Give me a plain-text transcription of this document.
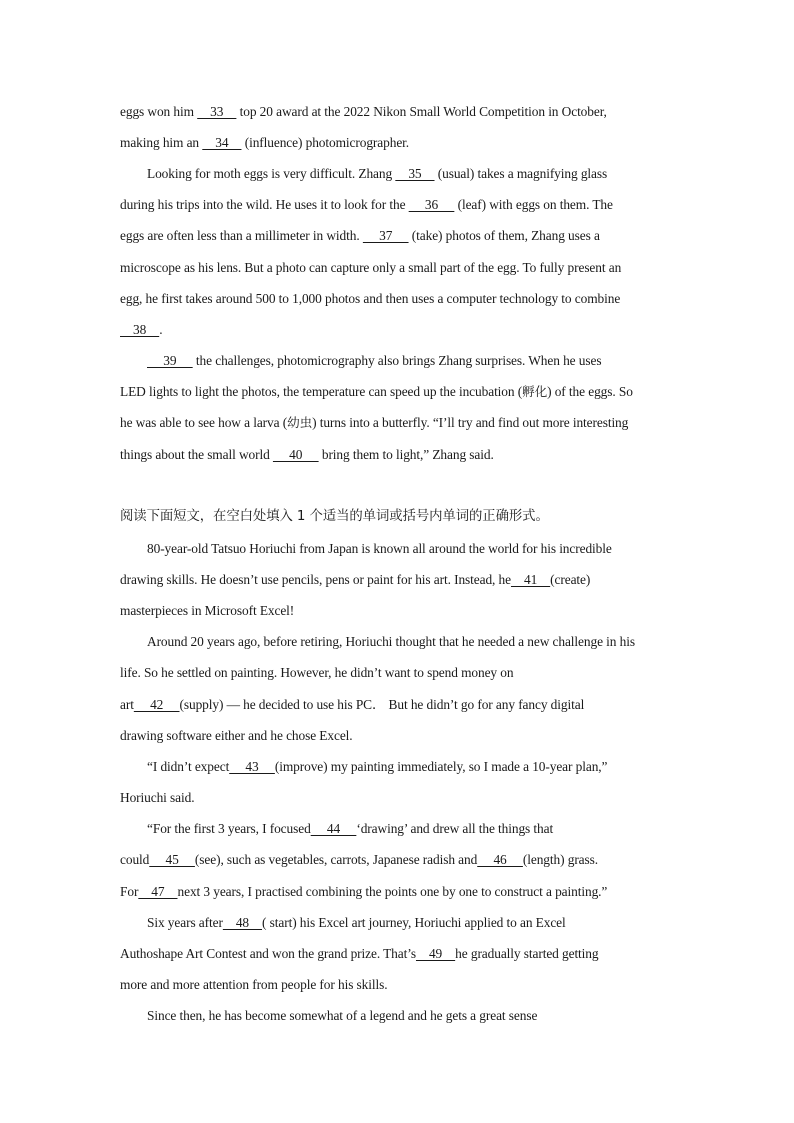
eggs won him     33     top 20 award at the 2022 Nikon Small World Competition in October,
making him an     34     (influence) photomicrographer.
Looking for moth eggs is very difficult. Zhang     35     (usual) takes a magnifying glass
during his trips into the wild. He uses it to look for the      36      (leaf) with eggs on them. The
eggs are often less than a millimeter in width.      37      (take) photos of them, Zhang uses a
microscope as his lens. But a photo can capture only a small part of the egg. To fully present an
egg, he first takes around 500 to 1,000 photos and then uses a computer technology to combine
38    .
39      the challenges, photomicrography also brings Zhang surprises. When he uses
LED lights to light the photos, the temperature can speed up the incubation (孵化) of the eggs. So
he was able to see how a larva (幼虫) turns into a butterfly. “I’ll try and find out more interesting
things about the small world      40      bring them to light,” Zhang said.
阅读下面短文，在空白处填入 1 个适当的单词或括号内单词的正确形式。
80-year-old Tatsuo Horiuchi from Japan is known all around the world for his incredible
drawing skills. He doesn’t use pencils, pens or paint for his art. Instead, he    41    (create)
masterpieces in Microsoft Excel!
Around 20 years ago, before retiring, Horiuchi thought that he needed a new challenge in his
life. So he settled on painting. However, he didn’t want to spend money on
art     42     (supply) — he decided to use his PC． But he didn’t go for any fancy digital
drawing software either and he chose Excel.
“I didn’t expect     43     (improve) my painting immediately, so I made a 10-year plan,”
Horiuchi said.
“For the first 3 years, I focused     44     ‘drawing’ and drew all the things that
could     45     (see), such as vegetables, carrots, Japanese radish and     46     (length) grass.
For    47    next 3 years, I practised combining the points one by one to construct a painting.”
Six years after    48    ( start) his Excel art journey, Horiuchi applied to an Excel
Authoshape Art Contest and won the grand prize. That’s    49    he gradually started getting
more and more attention from people for his skills.
Since then, he has become somewhat of a legend and he gets a great sense
